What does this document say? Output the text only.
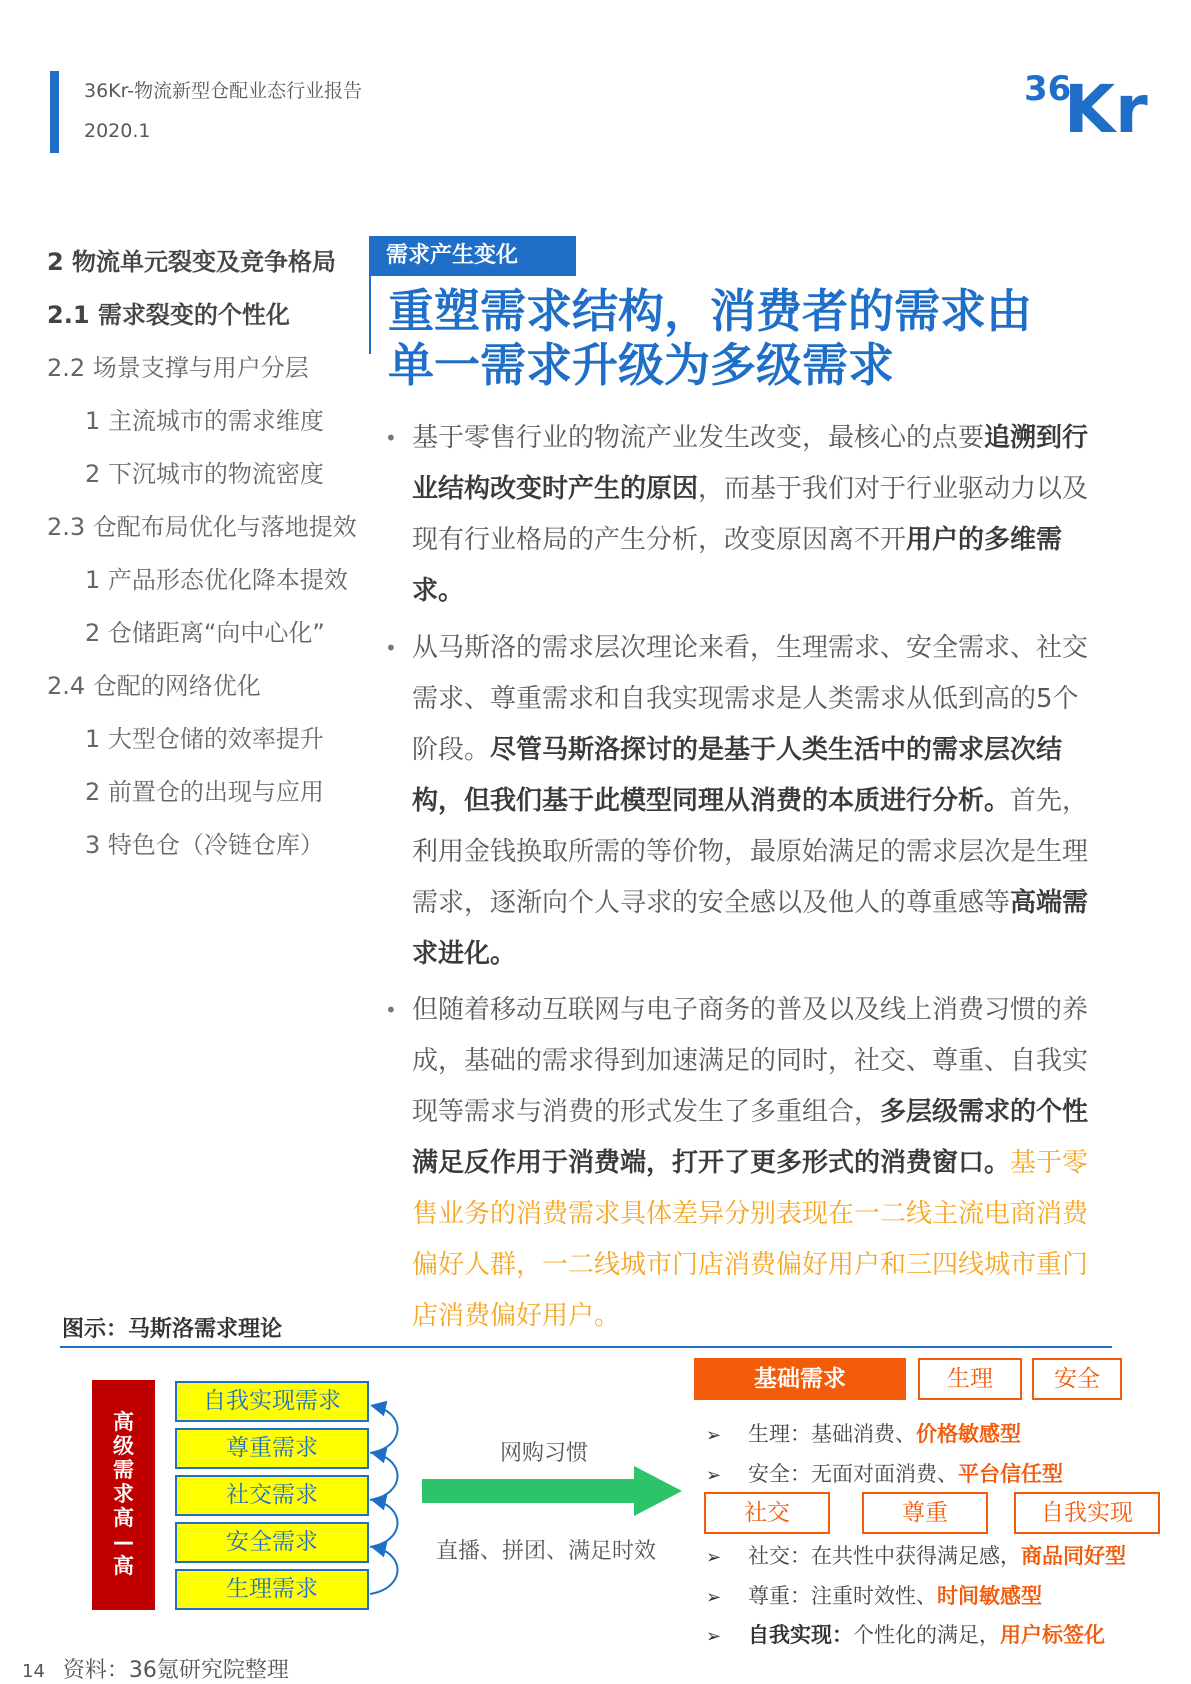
36Kr-物流新型仓配业态行业报告
2020.1
36
Kr
2 物流单元裂变及竞争格局
2.1 需求裂变的个性化
2.2 场景支撑与用户分层
1 主流城市的需求维度
2 下沉城市的物流密度
2.3 仓配布局优化与落地提效
1 产品形态优化降本提效
2 仓储距离“向中心化”
2.4 仓配的网络优化
1 大型仓储的效率提升
2 前置仓的出现与应用
3 特色仓（冷链仓库）
需求产生变化
重塑需求结构，消费者的需求由
单一需求升级为多级需求
• 基于零售行业的物流产业发生改变，最核心的点要追溯到行业结构改变时产生的原因，而基于我们对于行业驱动力以及现有行业格局的产生分析，改变原因离不开用户的多维需求。
• 从马斯洛的需求层次理论来看，生理需求、安全需求、社交需求、尊重需求和自我实现需求是人类需求从低到高的5个阶段。尽管马斯洛探讨的是基于人类生活中的需求层次结构，但我们基于此模型同理从消费的本质进行分析。首先，利用金钱换取所需的等价物，最原始满足的需求层次是生理需求，逐渐向个人寻求的安全感以及他人的尊重感等高端需求进化。
• 但随着移动互联网与电子商务的普及以及线上消费习惯的养成，基础的需求得到加速满足的同时，社交、尊重、自我实现等需求与消费的形式发生了多重组合，多层级需求的个性满足反作用于消费端，打开了更多形式的消费窗口。基于零售业务的消费需求具体差异分别表现在一二线主流电商消费偏好人群，一二线城市门店消费偏好用户和三四线城市重门店消费偏好用户。
图示：马斯洛需求理论
高
级
需
求
高
—
高
自我实现需求
尊重需求
社交需求
安全需求
生理需求
网购习惯
直播、拼团、满足时效
基础需求	生理	安全
➢ 生理：基础消费、价格敏感型
➢ 安全：无面对面消费、平台信任型
社交	尊重	自我实现
➢ 社交：在共性中获得满足感，商品同好型
➢ 尊重：注重时效性、时间敏感型
➢ 自我实现：个性化的满足，用户标签化
14 资料：36氪研究院整理
